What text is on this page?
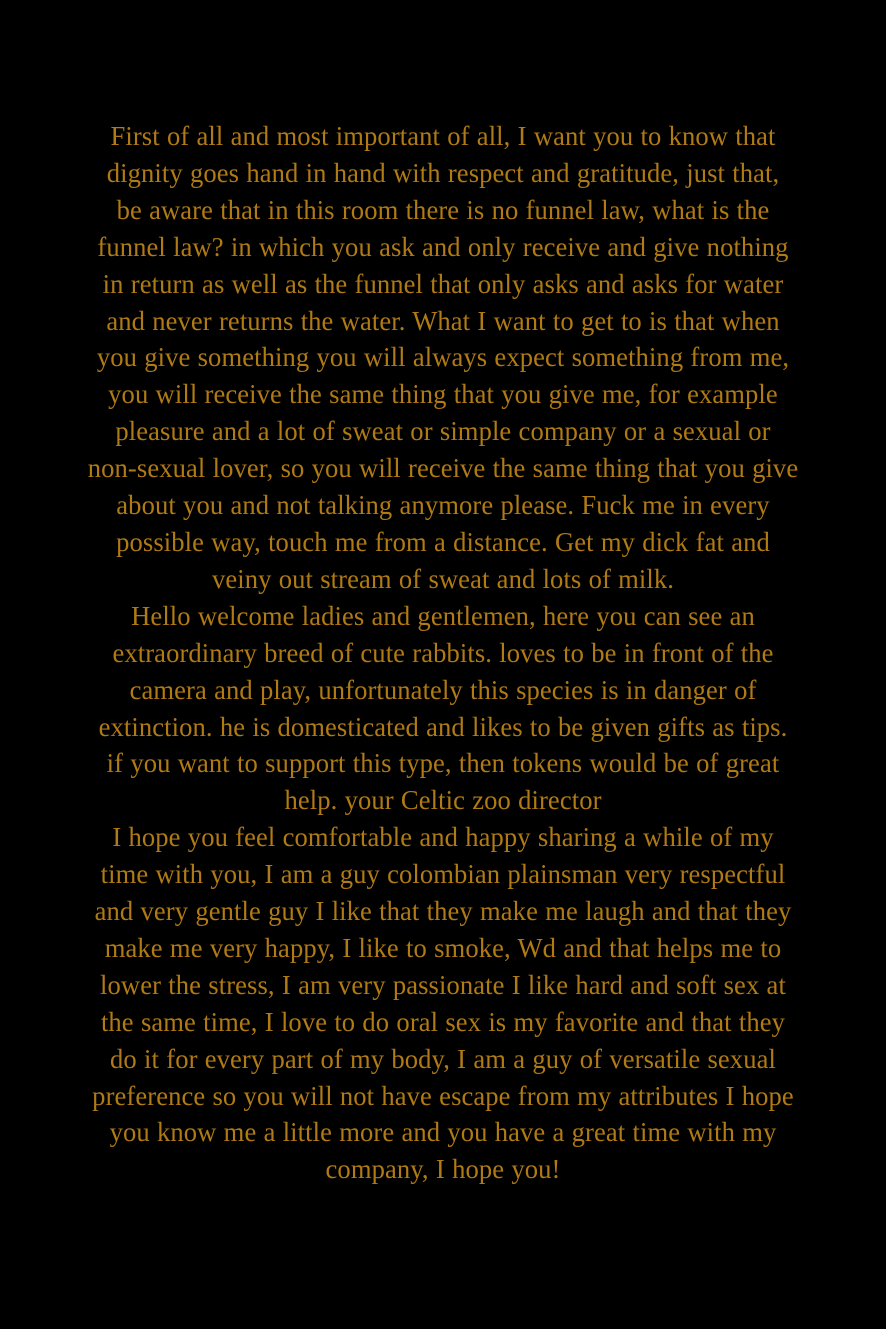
First of all and most important of all, I want you to know that
dignity goes hand in hand with respect and gratitude, just that,
be aware that in this room there is no funnel law, what is the
funnel law? in which you ask and only receive and give nothing
in return as well as the funnel that only asks and asks for water
and never returns the water. What I want to get to is that when
you give something you will always expect something from me,
you will receive the same thing that you give me, for example
pleasure and a lot of sweat or simple company or a sexual or
non-sexual lover, so you will receive the same thing that you give
about you and not talking anymore please. Fuck me in every
possible way, touch me from a distance. Get my dick fat and
veiny out stream of sweat and lots of milk.
Hello welcome ladies and gentlemen, here you can see an
extraordinary breed of cute rabbits. loves to be in front of the
camera and play, unfortunately this species is in danger of
extinction. he is domesticated and likes to be given gifts as tips.
if you want to support this type, then tokens would be of great
help. your Celtic zoo director
I hope you feel comfortable and happy sharing a while of my
time with you, I am a guy colombian plainsman very respectful
and very gentle guy I like that they make me laugh and that they
make me very happy, I like to smoke, Wd and that helps me to
lower the stress, I am very passionate I like hard and soft sex at
the same time, I love to do oral sex is my favorite and that they
do it for every part of my body, I am a guy of versatile sexual
preference so you will not have escape from my attributes I hope
you know me a little more and you have a great time with my
company, I hope you!
